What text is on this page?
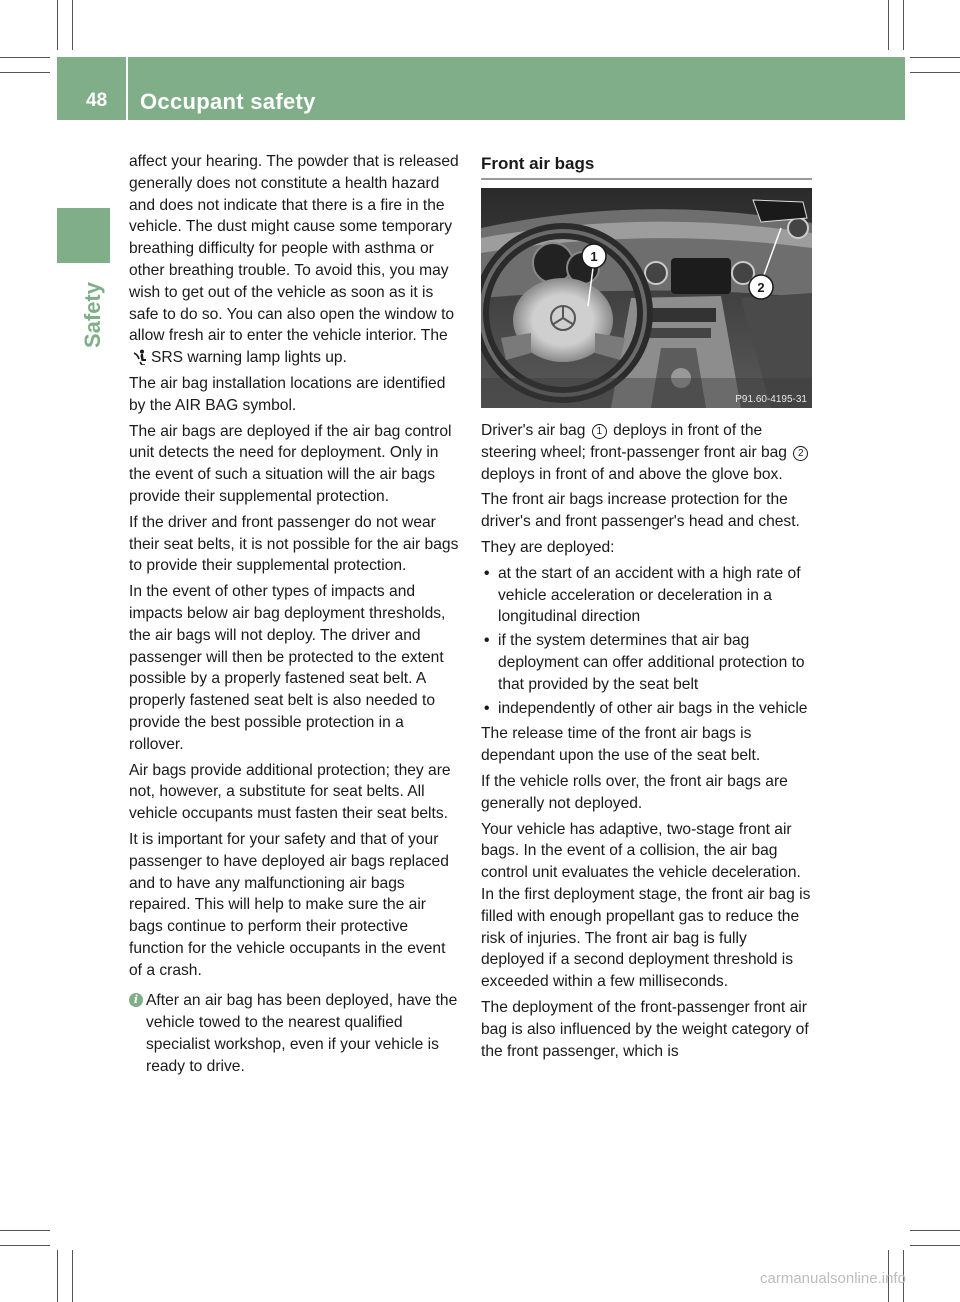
48 Occupant safety
Safety

affect your hearing. The powder that is released generally does not constitute a health hazard and does not indicate that there is a fire in the vehicle. The dust might cause some temporary breathing difficulty for people with asthma or other breathing trouble. To avoid this, you may wish to get out of the vehicle as soon as it is safe to do so. You can also open the window to allow fresh air to enter the vehicle interior. TheSRS warning lamp lights up.

The air bag installation locations are identified by the AIR BAG symbol.

The air bags are deployed if the air bag control unit detects the need for deployment. Only in the event of such a situation will the air bags provide their supplemental protection.

If the driver and front passenger do not wear their seat belts, it is not possible for the air bags to provide their supplemental protection.

In the event of other types of impacts and impacts below air bag deployment thresholds, the air bags will not deploy. The driver and passenger will then be protected to the extent possible by a properly fastened seat belt. A properly fastened seat belt is also needed to provide the best possible protection in a rollover.

Air bags provide additional protection; they are not, however, a substitute for seat belts. All vehicle occupants must fasten their seat belts.

It is important for your safety and that of your passenger to have deployed air bags replaced and to have any malfunctioning air bags repaired. This will help to make sure the air bags continue to perform their protective function for the vehicle occupants in the event of a crash.

i After an air bag has been deployed, have the vehicle towed to the nearest qualified specialist workshop, even if your vehicle is ready to drive.
Front air bags
1
2
P91.60-4195-31

Driver's air bag 1 deploys in front of the steering wheel; front-passenger front air bag 2 deploys in front of and above the glove box.

The front air bags increase protection for the driver's and front passenger's head and chest.

They are deployed:

• at the start of an accident with a high rate of vehicle acceleration or deceleration in a longitudinal direction
• if the system determines that air bag deployment can offer additional protection to that provided by the seat belt
• independently of other air bags in the vehicle

The release time of the front air bags is dependant upon the use of the seat belt.

If the vehicle rolls over, the front air bags are generally not deployed.

Your vehicle has adaptive, two-stage front air bags. In the event of a collision, the air bag control unit evaluates the vehicle deceleration. In the first deployment stage, the front air bag is filled with enough propellant gas to reduce the risk of injuries. The front air bag is fully deployed if a second deployment threshold is exceeded within a few milliseconds.

The deployment of the front-passenger front air bag is also influenced by the weight category of the front passenger, which is

carmanualsonline.info
